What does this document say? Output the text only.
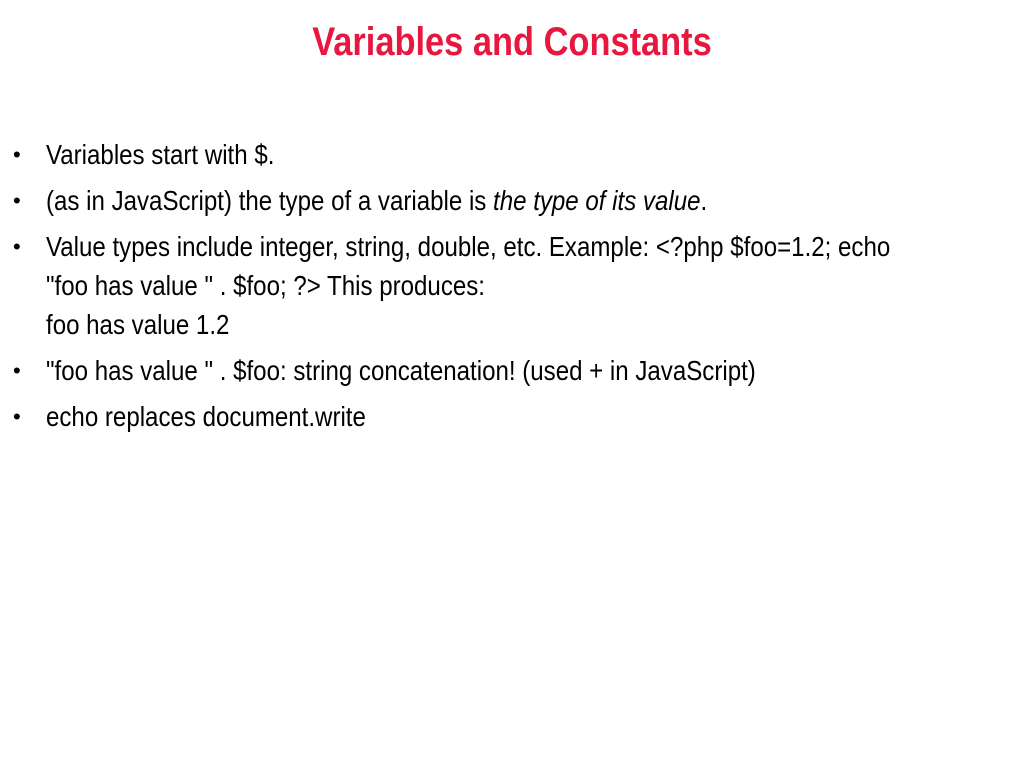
Variables and Constants
• Variables start with $.
• (as in JavaScript) the type of a variable is the type of its value.
• Value types include integer, string, double, etc. Example: <?php $foo=1.2; echo
"foo has value " . $foo; ?> This produces:
foo has value 1.2
• "foo has value " . $foo: string concatenation! (used + in JavaScript)
• echo replaces document.write
